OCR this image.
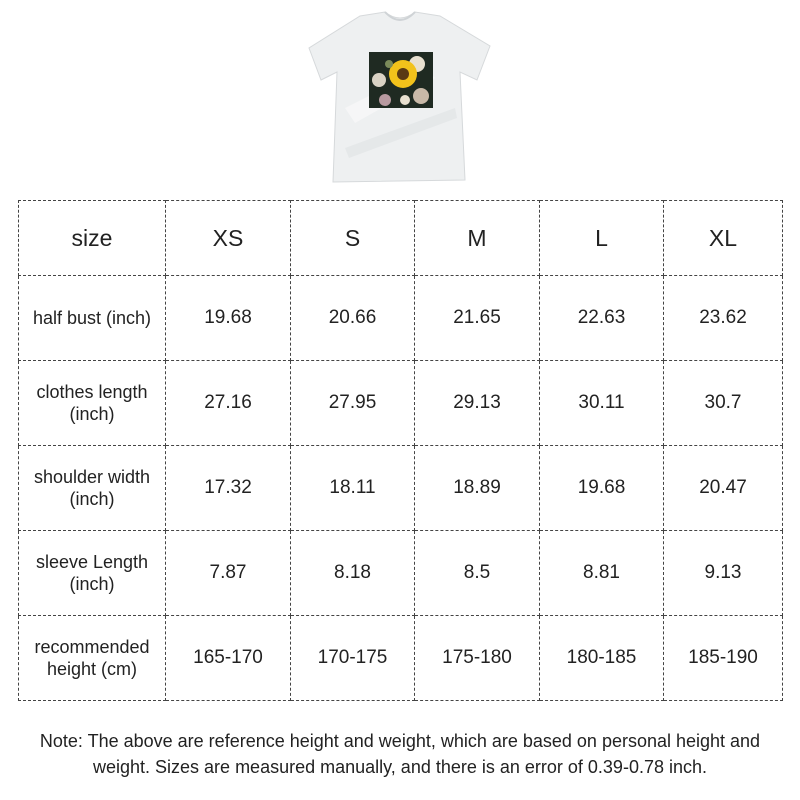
size	XS	S	M	L	XL
half bust (inch)	19.68	20.66	21.65	22.63	23.62
clothes length (inch)	27.16	27.95	29.13	30.11	30.7
shoulder width (inch)	17.32	18.11	18.89	19.68	20.47
sleeve Length (inch)	7.87	8.18	8.5	8.81	9.13
recommended height (cm)	165-170	170-175	175-180	180-185	185-190
Note: The above are reference height and weight, which are based on personal height and weight. Sizes are measured manually, and there is an error of 0.39-0.78 inch.
